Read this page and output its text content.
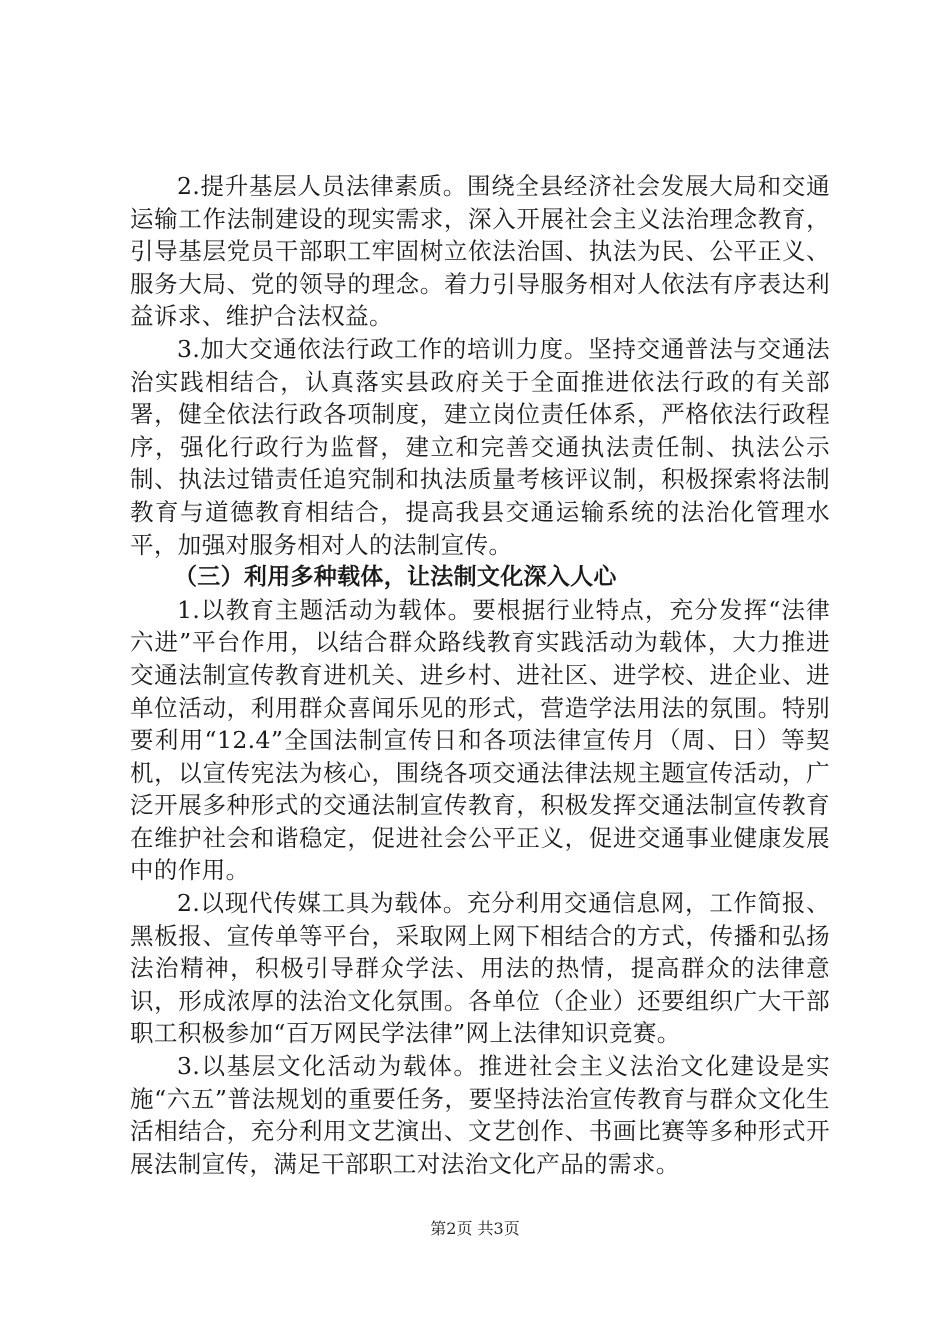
2.提升基层人员法律素质。围绕全县经济社会发展大局和交通运输工作法制建设的现实需求，深入开展社会主义法治理念教育，引导基层党员干部职工牢固树立依法治国、执法为民、公平正义、服务大局、党的领导的理念。着力引导服务相对人依法有序表达利益诉求、维护合法权益。

3.加大交通依法行政工作的培训力度。坚持交通普法与交通法治实践相结合，认真落实县政府关于全面推进依法行政的有关部署，健全依法行政各项制度，建立岗位责任体系，严格依法行政程序，强化行政行为监督，建立和完善交通执法责任制、执法公示制、执法过错责任追究制和执法质量考核评议制，积极探索将法制教育与道德教育相结合，提高我县交通运输系统的法治化管理水平，加强对服务相对人的法制宣传。

（三）利用多种载体，让法制文化深入人心

1.以教育主题活动为载体。要根据行业特点，充分发挥“法律六进”平台作用，以结合群众路线教育实践活动为载体，大力推进交通法制宣传教育进机关、进乡村、进社区、进学校、进企业、进单位活动，利用群众喜闻乐见的形式，营造学法用法的氛围。特别要利用“12.4”全国法制宣传日和各项法律宣传月（周、日）等契机，以宣传宪法为核心，围绕各项交通法律法规主题宣传活动，广泛开展多种形式的交通法制宣传教育，积极发挥交通法制宣传教育在维护社会和谐稳定，促进社会公平正义，促进交通事业健康发展中的作用。

2.以现代传媒工具为载体。充分利用交通信息网，工作简报、黑板报、宣传单等平台，采取网上网下相结合的方式，传播和弘扬法治精神，积极引导群众学法、用法的热情，提高群众的法律意识，形成浓厚的法治文化氛围。各单位（企业）还要组织广大干部职工积极参加“百万网民学法律”网上法律知识竞赛。

3.以基层文化活动为载体。推进社会主义法治文化建设是实施“六五”普法规划的重要任务，要坚持法治宣传教育与群众文化生活相结合，充分利用文艺演出、文艺创作、书画比赛等多种形式开展法制宣传，满足干部职工对法治文化产品的需求。

第2页 共3页
